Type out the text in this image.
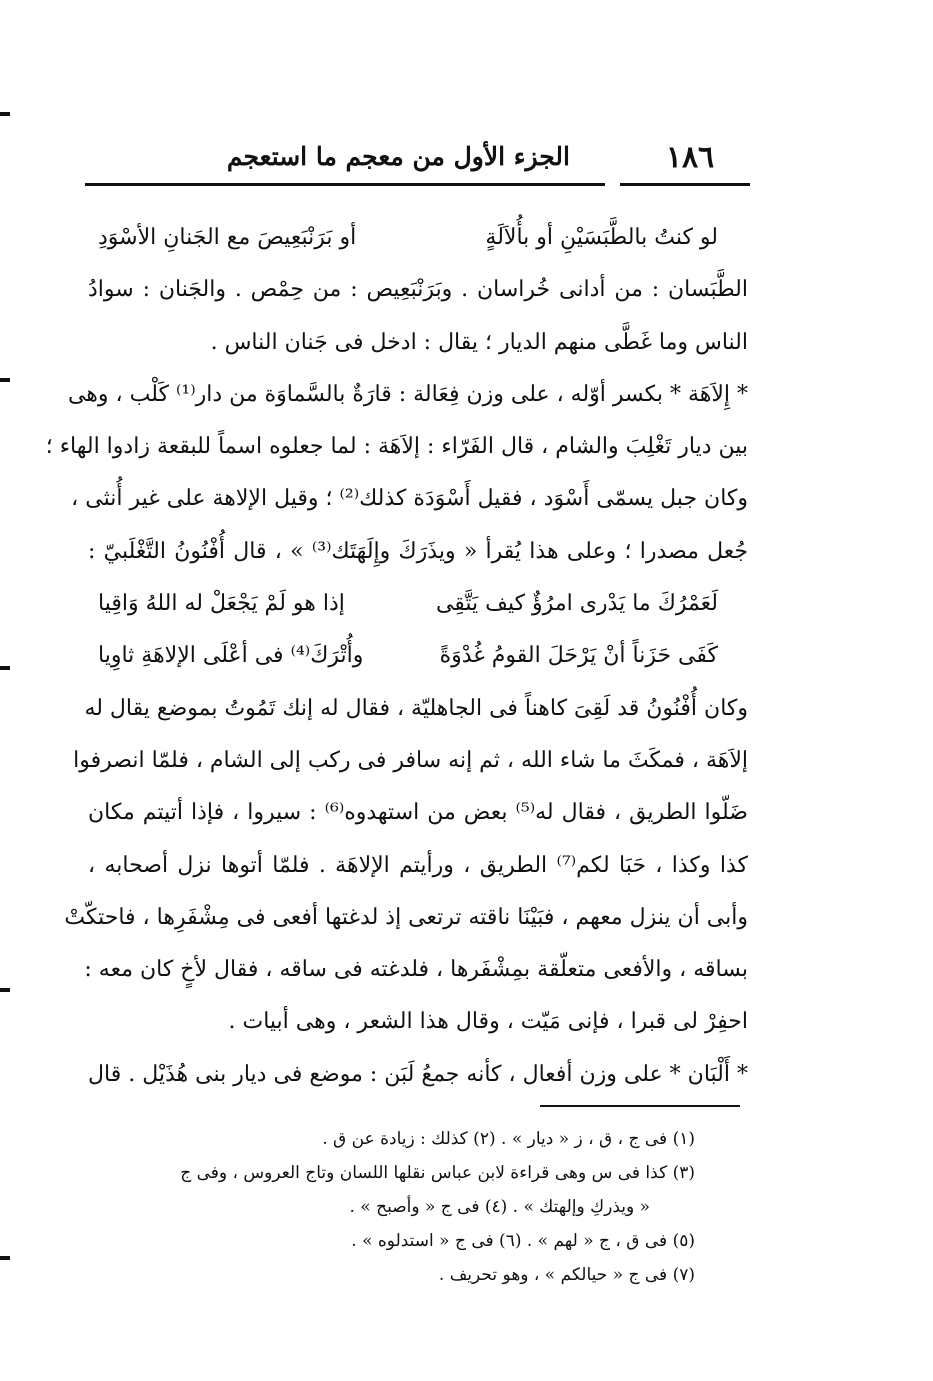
١٨٦
الجزء الأول من معجم ما استعجم
لو كنتُ بالطَّبَسَيْنِ أو بأُلاَلَةٍ
أو بَرَنْبَعِيصَ مع الجَنانِ الأسْوَدِ
الطَّبَسان : من أدانى خُراسان . وبَرَنْبَعِيص : من حِمْص . والجَنان : سوادُ
الناس وما غَطَّى منهم الديار ؛ يقال : ادخل فى جَنان الناس .
* إِلاَهَة * بكسر أوّله ، على وزن فِعَالة : قارَةٌ بالسَّماوَة من دار⁽¹⁾ كَلْب ، وهى
بين ديار تَغْلِبَ والشام ، قال الفَرّاء : إلاَهَة : لما جعلوه اسماً للبقعة زادوا الهاء ؛
وكان جبل يسمّى أَسْوَد ، فقيل أَسْوَدَة كذلك⁽²⁾ ؛ وقيل الإلاهة على غير أُنثى ،
جُعل مصدرا ؛ وعلى هذا يُقرأ « ويذَرَكَ وإِلَهَتَك⁽³⁾ » ، قال أُفْنُونُ التَّغْلَبيّ :
لَعَمْرُكَ ما يَدْرى امرُؤٌ كيف يَتَّقِى
إذا هو لَمْ يَجْعَلْ له اللهُ وَاقِيا
كَفَى حَزَناً أنْ يَرْحَلَ القومُ غُدْوَةً
وأُتْرَكَ⁽⁴⁾ فى أعْلَى الإلاهَةِ ثاوِيا
وكان أُفْنُونُ قد لَقِىَ كاهناً فى الجاهليّة ، فقال له إنك تَمُوتُ بموضع يقال له
إلاَهَة ، فمكَثَ ما شاء الله ، ثم إنه سافر فى ركب إلى الشام ، فلمّا انصرفوا
ضَلّوا الطريق ، فقال له⁽⁵⁾ بعض من استهدوه⁽⁶⁾ : سيروا ، فإذا أتيتم مكان
كذا وكذا ، حَبَا لكم⁽⁷⁾ الطريق ، ورأيتم الإلاهَة . فلمّا أتوها نزل أصحابه ،
وأبى أن ينزل معهم ، فبَيْنَا ناقته ترتعى إذ لدغتها أفعى فى مِشْفَرِها ، فاحتكّتْ
بساقه ، والأفعى متعلّقة بمِشْفَرها ، فلدغته فى ساقه ، فقال لأخٍ كان معه :
احفِرْ لى قبرا ، فإنى مَيّت ، وقال هذا الشعر ، وهى أبيات .
* أَلْبَان * على وزن أفعال ، كأنه جمعُ لَبَن : موضع فى ديار بنى هُذَيْل . قال
(١) فى ج ، ق ، ز « ديار » . (٢) كذلك : زيادة عن ق .
(٣) كذا فى س وهى قراءة لابن عباس نقلها اللسان وتاج العروس ، وفى ج
« ويذركِ وإلهتك » . (٤) فى ج « وأصبح » .
(٥) فى ق ، ج « لهم » . (٦) فى ج « استدلوه » .
(٧) فى ج « حيالكم » ، وهو تحريف .
